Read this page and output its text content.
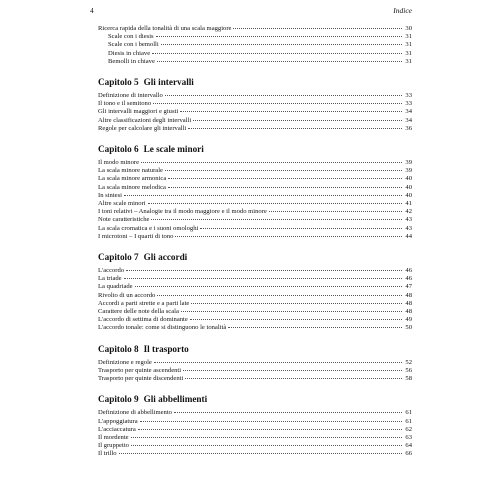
4	Indice
Ricerca rapida della tonalità di una scala maggiore	30
Scale con i diesis	31
Scale con i bemolli	31
Diesis in chiave	31
Bemolli in chiave	31
Capitolo 5 Gli intervalli
Definizione di intervallo	33
Il tono e il semitono	33
Gli intervalli maggiori e giusti	34
Altre classificazioni degli intervalli	34
Regole per calcolare gli intervalli	36
Capitolo 6 Le scale minori
Il modo minore	39
La scala minore naturale	39
La scala minore armonica	40
La scala minore melodica	40
In sintesi	40
Altre scale minori	41
I toni relativi – Analogie tra il modo maggiore e il modo minore	42
Note caratteristiche	43
La scala cromatica e i suoni omologhi	43
I microtoni – I quarti di tono	44
Capitolo 7 Gli accordi
L'accordo	46
La triade	46
La quadriade	47
Rivolto di un accordo	48
Accordi a parti strette e a parti late	48
Carattere delle note della scala	48
L'accordo di settima di dominante	49
L'accordo tonale: come si distinguono le tonalità	50
Capitolo 8 Il trasporto
Definizione e regole	52
Trasporto per quinte ascendenti	56
Trasporto per quinte discendenti	58
Capitolo 9 Gli abbellimenti
Definizione di abbellimento	61
L'appoggiatura	61
L'acciaccatura	62
Il mordente	63
Il gruppetto	64
Il trillo	66
